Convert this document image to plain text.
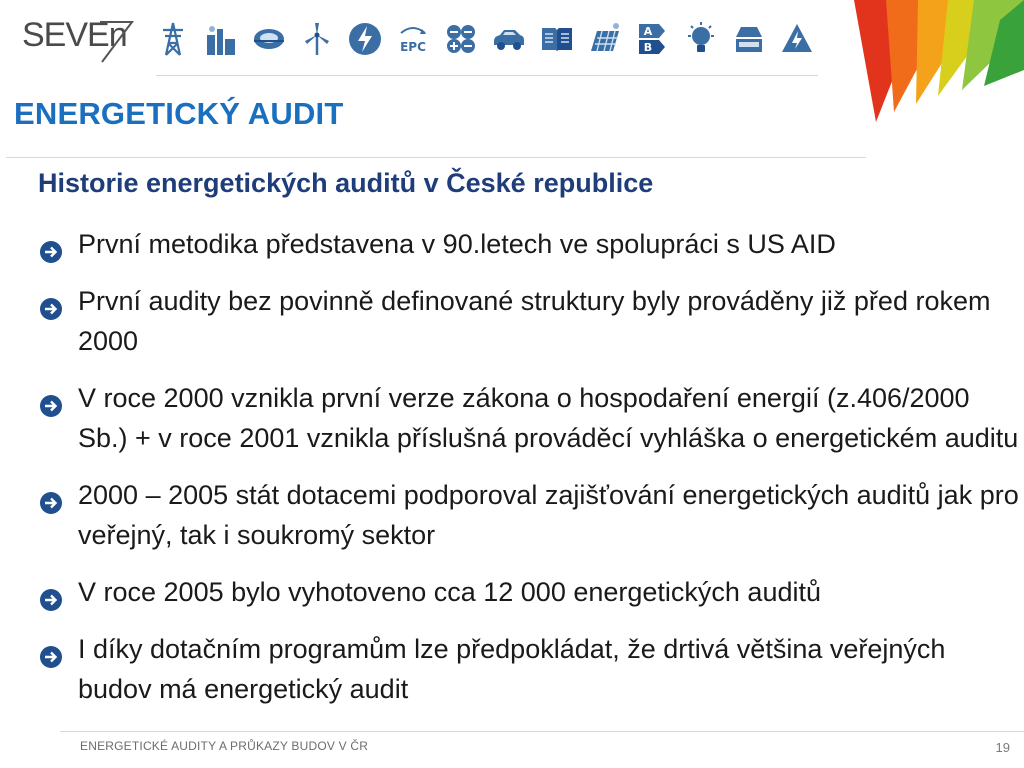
SEVEn	EPC
A
B
ENERGETICKÝ AUDIT
Historie energetických auditů v České republice
První metodika představena v 90.letech ve spolupráci s US AID
První audity bez povinně definované struktury byly prováděny již před rokem 2000
V roce 2000 vznikla první verze zákona o hospodaření energií (z.406/2000 Sb.) + v roce 2001 vznikla příslušná prováděcí vyhláška o energetickém auditu
2000 – 2005 stát dotacemi podporoval zajišťování energetických auditů jak pro veřejný, tak i soukromý sektor
V roce 2005 bylo vyhotoveno cca 12 000 energetických auditů
I díky dotačním programům lze předpokládat, že drtivá většina veřejných budov má energetický audit
ENERGETICKÉ AUDITY A PRŮKAZY BUDOV V ČR	19
